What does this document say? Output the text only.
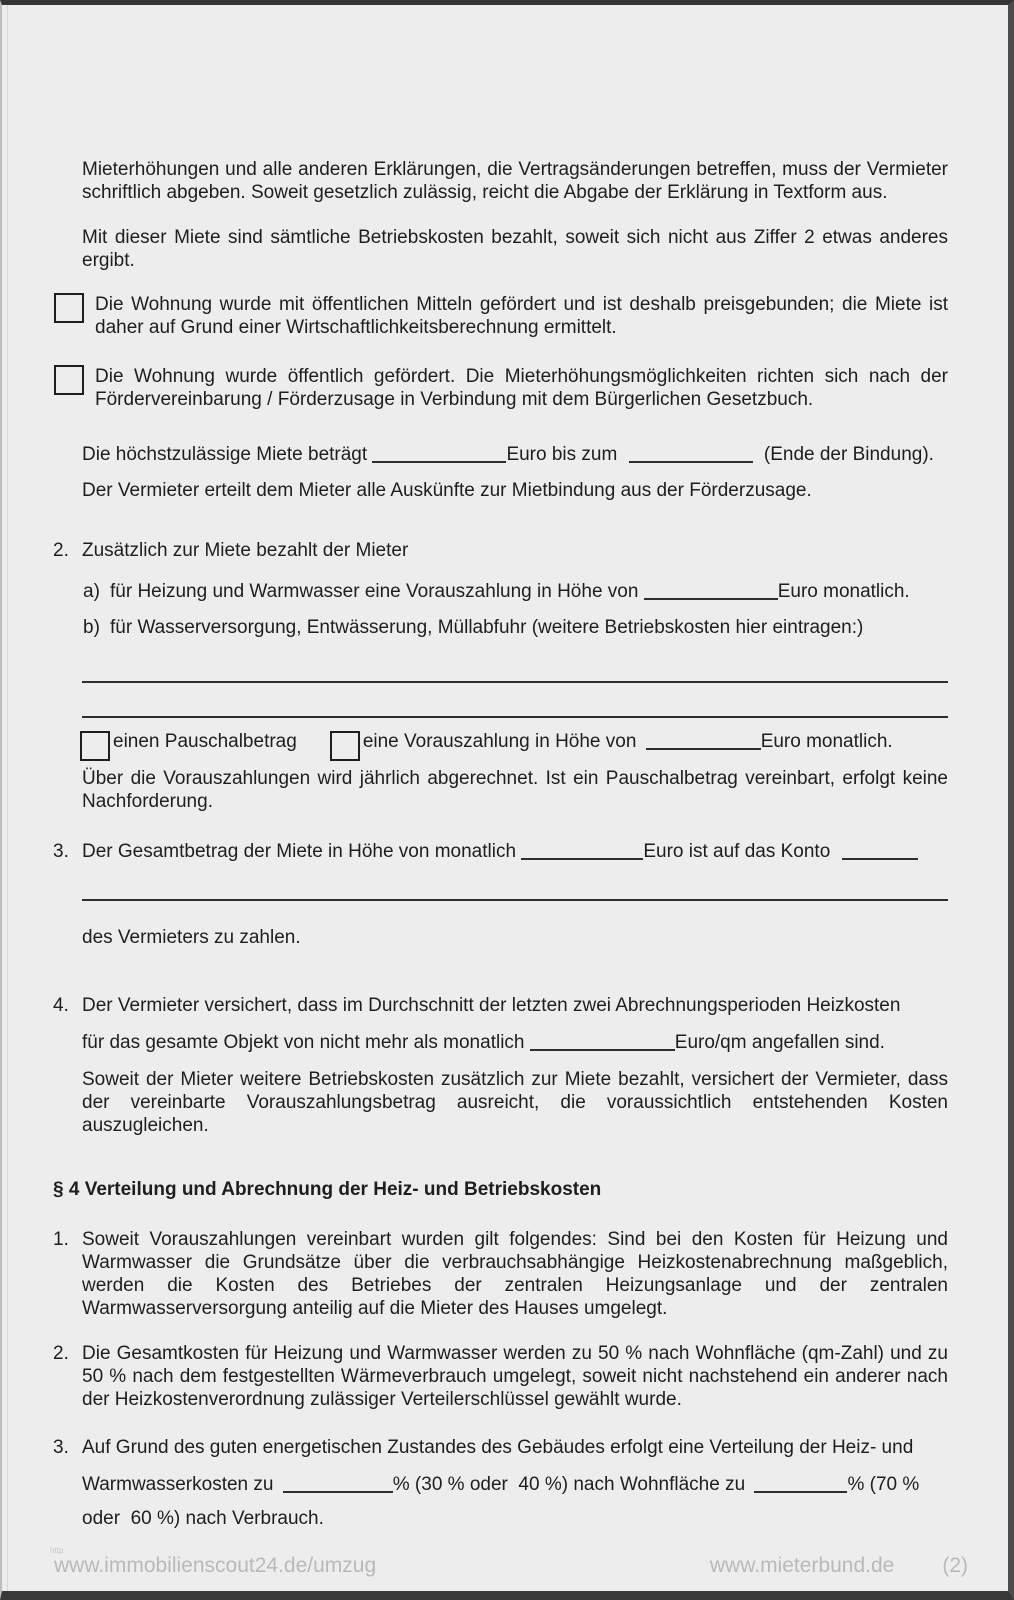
Mieterhöhungen und alle anderen Erklärungen, die Vertragsänderungen betreffen, muss der Vermieter schriftlich abgeben. Soweit gesetzlich zulässig, reicht die Abgabe der Erklärung in Textform aus.

Mit dieser Miete sind sämtliche Betriebskosten bezahlt, soweit sich nicht aus Ziffer 2 etwas anderes ergibt.

Die Wohnung wurde mit öffentlichen Mitteln gefördert und ist deshalb preisgebunden; die Miete ist daher auf Grund einer Wirtschaftlichkeitsberechnung ermittelt.
Die Wohnung wurde öffentlich gefördert. Die Mieterhöhungsmöglichkeiten richten sich nach der Fördervereinbarung / Förderzusage in Verbindung mit dem Bürgerlichen Gesetzbuch.
Die höchstzulässige Miete beträgt	Euro bis zum	(Ende der Bindung).
Der Vermieter erteilt dem Mieter alle Auskünfte zur Mietbindung aus der Förderzusage.
2. Zusätzlich zur Miete bezahlt der Mieter
a) für Heizung und Warmwasser eine Vorauszahlung in Höhe von	Euro monatlich.
b) für Wasserversorgung, Entwässerung, Müllabfuhr (weitere Betriebskosten hier eintragen:)
einen Pauschalbetrag	eine Vorauszahlung in Höhe von	Euro monatlich.

Über die Vorauszahlungen wird jährlich abgerechnet. Ist ein Pauschalbetrag vereinbart, erfolgt keine Nachforderung.

3. Der Gesamtbetrag der Miete in Höhe von monatlich	Euro ist auf das Konto
des Vermieters zu zahlen.
4. Der Vermieter versichert, dass im Durchschnitt der letzten zwei Abrechnungsperioden Heizkosten
für das gesamte Objekt von nicht mehr als monatlich	Euro/qm angefallen sind.

Soweit der Mieter weitere Betriebskosten zusätzlich zur Miete bezahlt, versichert der Vermieter, dass der vereinbarte Vorauszahlungsbetrag ausreicht, die voraussichtlich entstehenden Kosten auszugleichen.

§ 4 Verteilung und Abrechnung der Heiz- und Betriebskosten
1. Soweit Vorauszahlungen vereinbart wurden gilt folgendes: Sind bei den Kosten für Heizung und Warmwasser die Grundsätze über die verbrauchsabhängige Heizkostenabrechnung maßgeblich, werden die Kosten des Betriebes der zentralen Heizungsanlage und der zentralen Warmwasserversorgung anteilig auf die Mieter des Hauses umgelegt.
2. Die Gesamtkosten für Heizung und Warmwasser werden zu 50 % nach Wohnfläche (qm-Zahl) und zu 50 % nach dem festgestellten Wärmeverbrauch umgelegt, soweit nicht nachstehend ein anderer nach der Heizkostenverordnung zulässiger Verteilerschlüssel gewählt wurde.
3. Auf Grund des guten energetischen Zustandes des Gebäudes erfolgt eine Verteilung der Heiz- und
Warmwasserkosten zu	% (30 % oder  40 %) nach Wohnfläche zu	% (70 %
oder  60 %) nach Verbrauch.
http
www.immobilienscout24.de/umzug	www.mieterbund.de (2)
